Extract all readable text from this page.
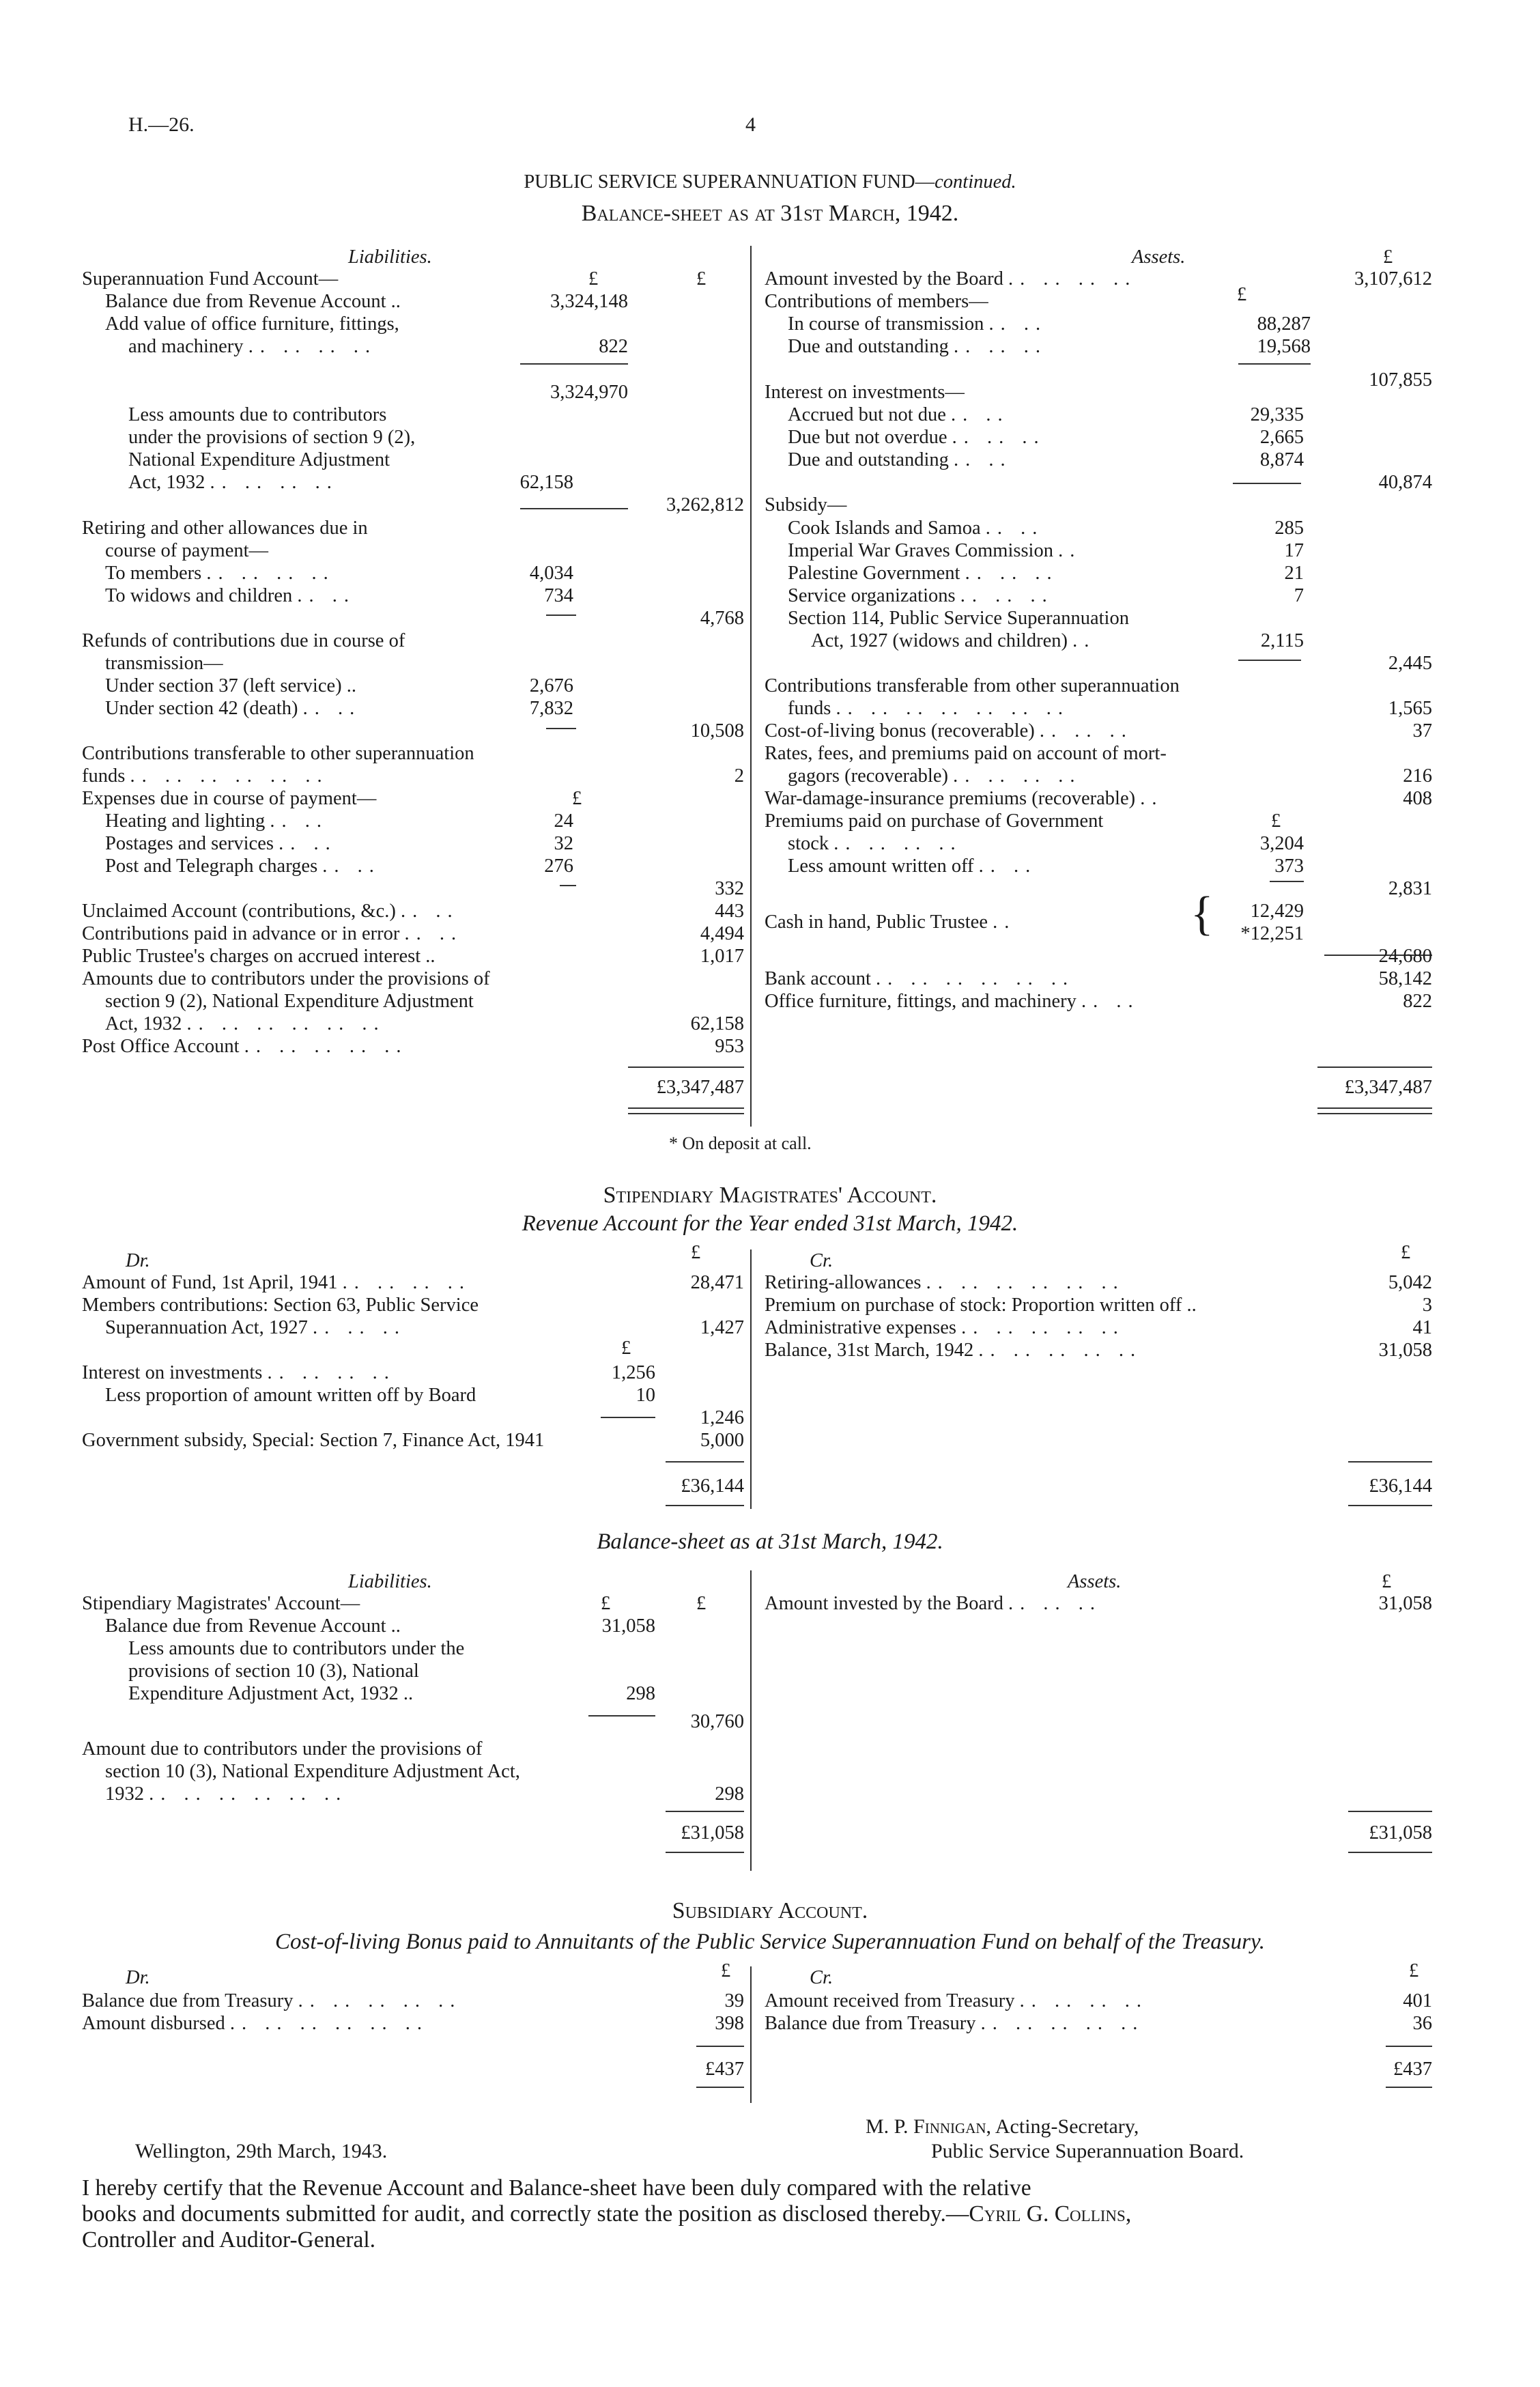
H.—26.	4
PUBLIC SERVICE SUPERANNUATION FUND—continued.
Balance-sheet as at 31st March, 1942.
Liabilities.
£	£
Superannuation Fund Account—
Balance due from Revenue Account ..	3,324,148
Add value of office furniture, fittings,
and machinery .. .. .. ..	822
3,324,970
Less amounts due to contributors
under the provisions of section 9 (2),
National Expenditure Adjustment
Act, 1932 .. .. .. ..	62,158
3,262,812
Retiring and other allowances due in
course of payment—
To members .. .. .. ..	4,034
To widows and children .. ..	734
4,768
Refunds of contributions due in course of
transmission—
Under section 37 (left service) ..	2,676
Under section 42 (death) .. ..	7,832
10,508
Contributions transferable to other superannuation
funds .. .. .. .. .. ..	2
Expenses due in course of payment—	£
Heating and lighting .. ..	24
Postages and services .. ..	32
Post and Telegraph charges .. ..	276
332
Unclaimed Account (contributions, &c.) .. ..	443
Contributions paid in advance or in error .. ..	4,494
Public Trustee's charges on accrued interest ..	1,017
Amounts due to contributors under the provisions of
section 9 (2), National Expenditure Adjustment
Act, 1932 .. .. .. .. .. ..	62,158
Post Office Account .. .. .. .. ..	953
£3,347,487
Assets.	£
Amount invested by the Board .. .. .. ..	3,107,612
Contributions of members—	£
In course of transmission .. ..	88,287
Due and outstanding .. .. ..	19,568
107,855
Interest on investments—
Accrued but not due .. ..	29,335
Due but not overdue .. .. ..	2,665
Due and outstanding .. ..	8,874
40,874
Subsidy—
Cook Islands and Samoa .. ..	285
Imperial War Graves Commission ..	17
Palestine Government .. .. ..	21
Service organizations .. .. ..	7
Section 114, Public Service Superannuation
Act, 1927 (widows and children) ..	2,115
2,445
Contributions transferable from other superannuation
funds .. .. .. .. .. .. ..	1,565
Cost-of-living bonus (recoverable) .. .. ..	37
Rates, fees, and premiums paid on account of mort-
gagors (recoverable) .. .. .. ..	216
War-damage-insurance premiums (recoverable) ..	408
Premiums paid on purchase of Government	£
stock .. .. .. ..	3,204
Less amount written off .. ..	373
2,831
Cash in hand, Public Trustee ..	{	12,429
*12,251
24,680
Bank account .. .. .. .. .. ..	58,142
Office furniture, fittings, and machinery .. ..	822
£3,347,487
* On deposit at call.
Stipendiary Magistrates' Account.
Revenue Account for the Year ended 31st March, 1942.
Dr.	£
Amount of Fund, 1st April, 1941 .. .. .. ..	28,471
Members contributions: Section 63, Public Service
Superannuation Act, 1927 .. .. ..	1,427
£
Interest on investments .. .. .. ..	1,256
Less proportion of amount written off by Board	10
1,246
Government subsidy, Special: Section 7, Finance Act, 1941	5,000
£36,144
Cr.	£
Retiring-allowances .. .. .. .. .. ..	5,042
Premium on purchase of stock: Proportion written off ..	3
Administrative expenses .. .. .. .. ..	41
Balance, 31st March, 1942 .. .. .. .. ..	31,058
£36,144
Balance-sheet as at 31st March, 1942.
Liabilities.
£	£
Stipendiary Magistrates' Account—
Balance due from Revenue Account ..	31,058
Less amounts due to contributors under the
provisions of section 10 (3), National
Expenditure Adjustment Act, 1932 ..	298
30,760
Amount due to contributors under the provisions of
section 10 (3), National Expenditure Adjustment Act,
1932 .. .. .. .. .. ..	298
£31,058
Assets.	£
Amount invested by the Board .. .. ..	31,058
£31,058
Subsidiary Account.
Cost-of-living Bonus paid to Annuitants of the Public Service Superannuation Fund on behalf of the Treasury.
Dr.	£
Balance due from Treasury .. .. .. .. ..	39
Amount disbursed .. .. .. .. .. ..	398
£437
Cr.	£
Amount received from Treasury .. .. .. ..	401
Balance due from Treasury .. .. .. .. ..	36
£437
M. P. Finnigan, Acting-Secretary,
Public Service Superannuation Board.
Wellington, 29th March, 1943.
I hereby certify that the Revenue Account and Balance-sheet have been duly compared with the relative
books and documents submitted for audit, and correctly state the position as disclosed thereby.—Cyril G. Collins,
Controller and Auditor-General.
